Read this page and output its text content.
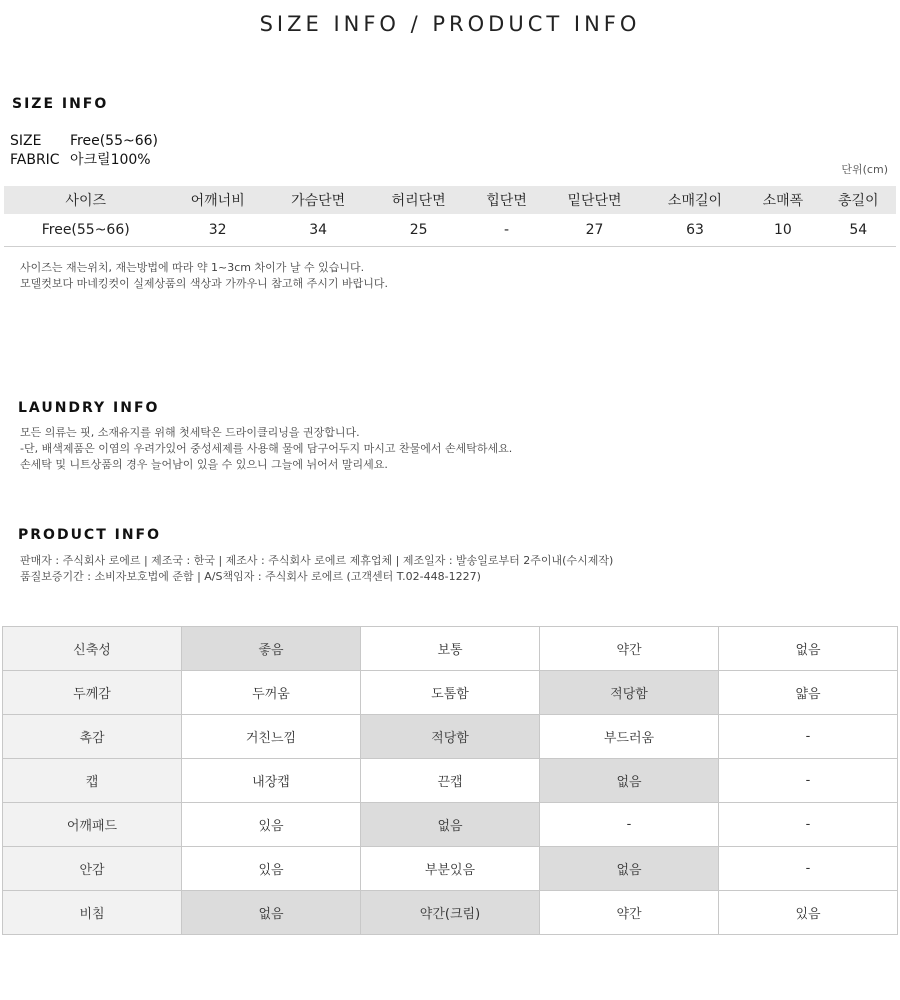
SIZE INFO / PRODUCT INFO
SIZE INFO
SIZE Free(55~66)
FABRIC 아크릴100%
단위(cm)
사이즈	어깨너비	가슴단면	허리단면	힙단면	밑단단면	소매길이	소매폭	총길이
Free(55~66)	32	34	25	-	27	63	10	54

사이즈는 재는위치, 재는방법에 따라 약 1~3cm 차이가 날 수 있습니다.

모델컷보다 마네킹컷이 실제상품의 색상과 가까우니 참고해 주시기 바랍니다.

LAUNDRY INFO

모든 의류는 핏, 소재유지를 위해 첫세탁은 드라이클리닝을 권장합니다.

-단, 배색제품은 이염의 우려가있어 중성세제를 사용해 물에 담구어두지 마시고 찬물에서 손세탁하세요.

손세탁 및 니트상품의 경우 늘어남이 있을 수 있으니 그늘에 뉘어서 말리세요.

PRODUCT INFO

판매자 : 주식회사 로에르 | 제조국 : 한국 | 제조사 : 주식회사 로에르 제휴업체 | 제조일자 : 발송일로부터 2주이내(수시제작)

품질보증기간 : 소비자보호법에 준함 | A/S책임자 : 주식회사 로에르 (고객센터 T.02-448-1227)

신축성	좋음	보통	약간	없음
두께감	두꺼움	도톰함	적당함	얇음
촉감	거친느낌	적당함	부드러움	-
캡	내장캡	끈캡	없음	-
어깨패드	있음	없음	-	-
안감	있음	부분있음	없음	-
비침	없음	약간(크림)	약간	있음
